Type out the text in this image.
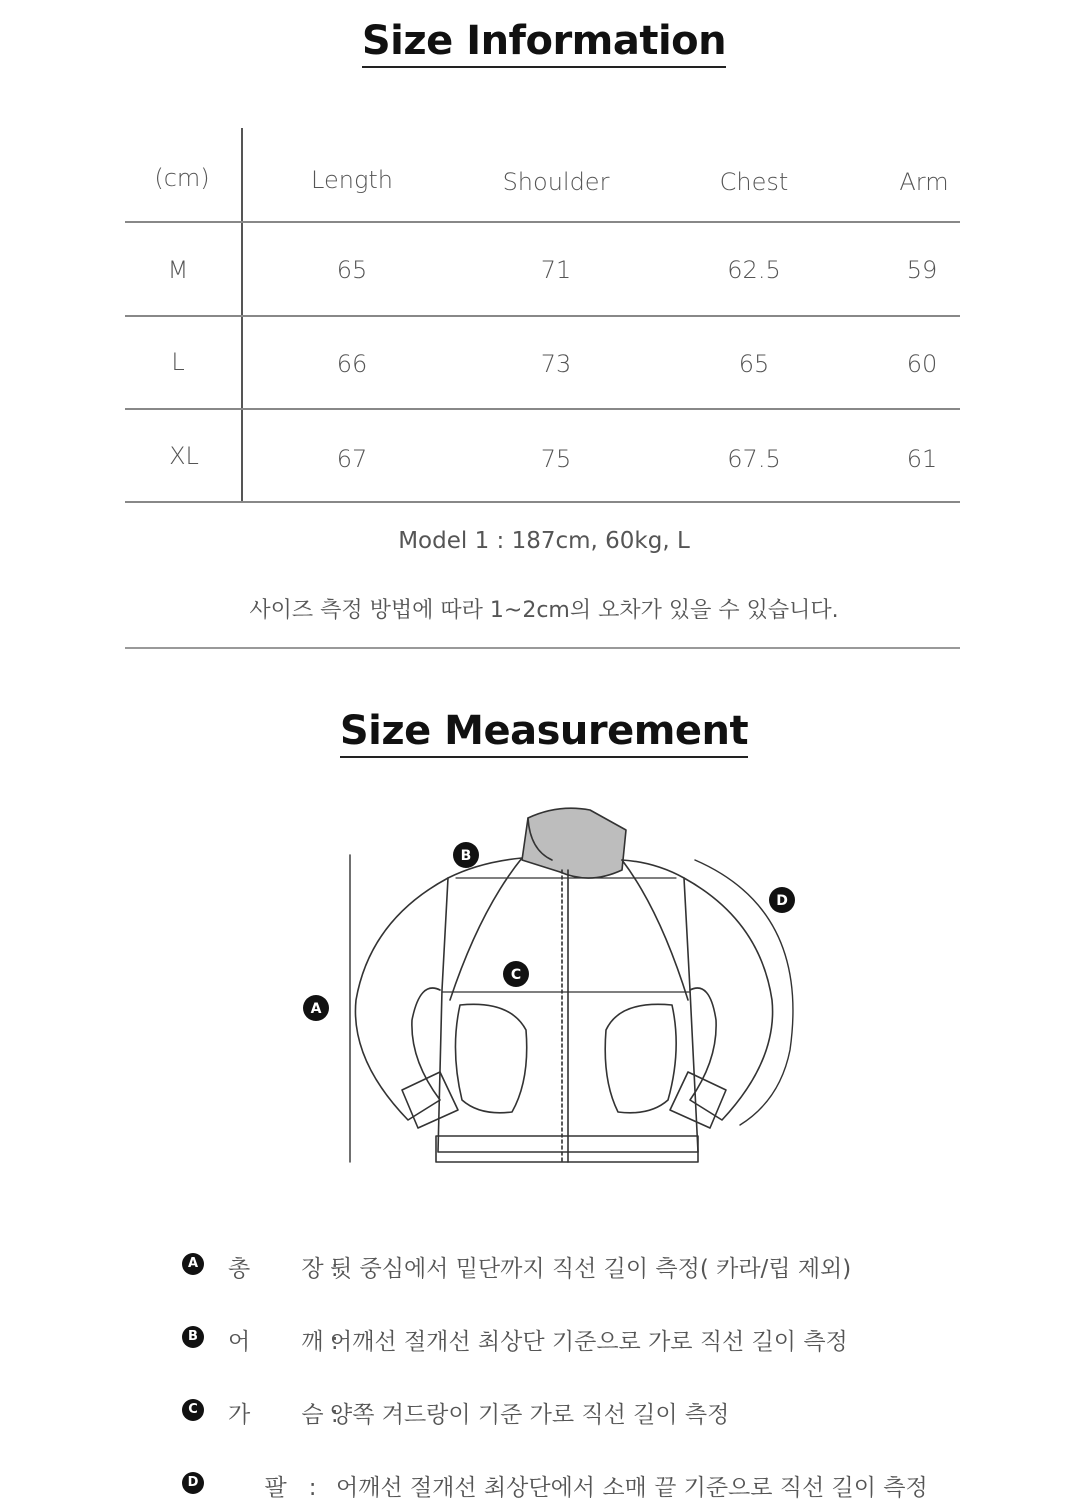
Size Information
(cm)	Length	Shoulder	Chest	Arm
M	65	71	62.5	59
L	66	73	65	60
XL	67	75	67.5	61
Model 1 : 187cm, 60kg, L
사이즈 측정 방법에 따라 1~2cm의 오차가 있을 수 있습니다.
Size Measurement
A
B
C
D
A 총       장 :
뒷 중심에서 밑단까지 직선 길이 측정( 카라/립 제외)
B 어       깨 :
어깨선 절개선 최상단 기준으로 가로 직선 길이 측정
C 가       슴 :
양쪽 겨드랑이 기준 가로 직선 길이 측정
D 팔   : 어깨선 절개선 최상단에서 소매 끝 기준으로 직선 길이 측정
